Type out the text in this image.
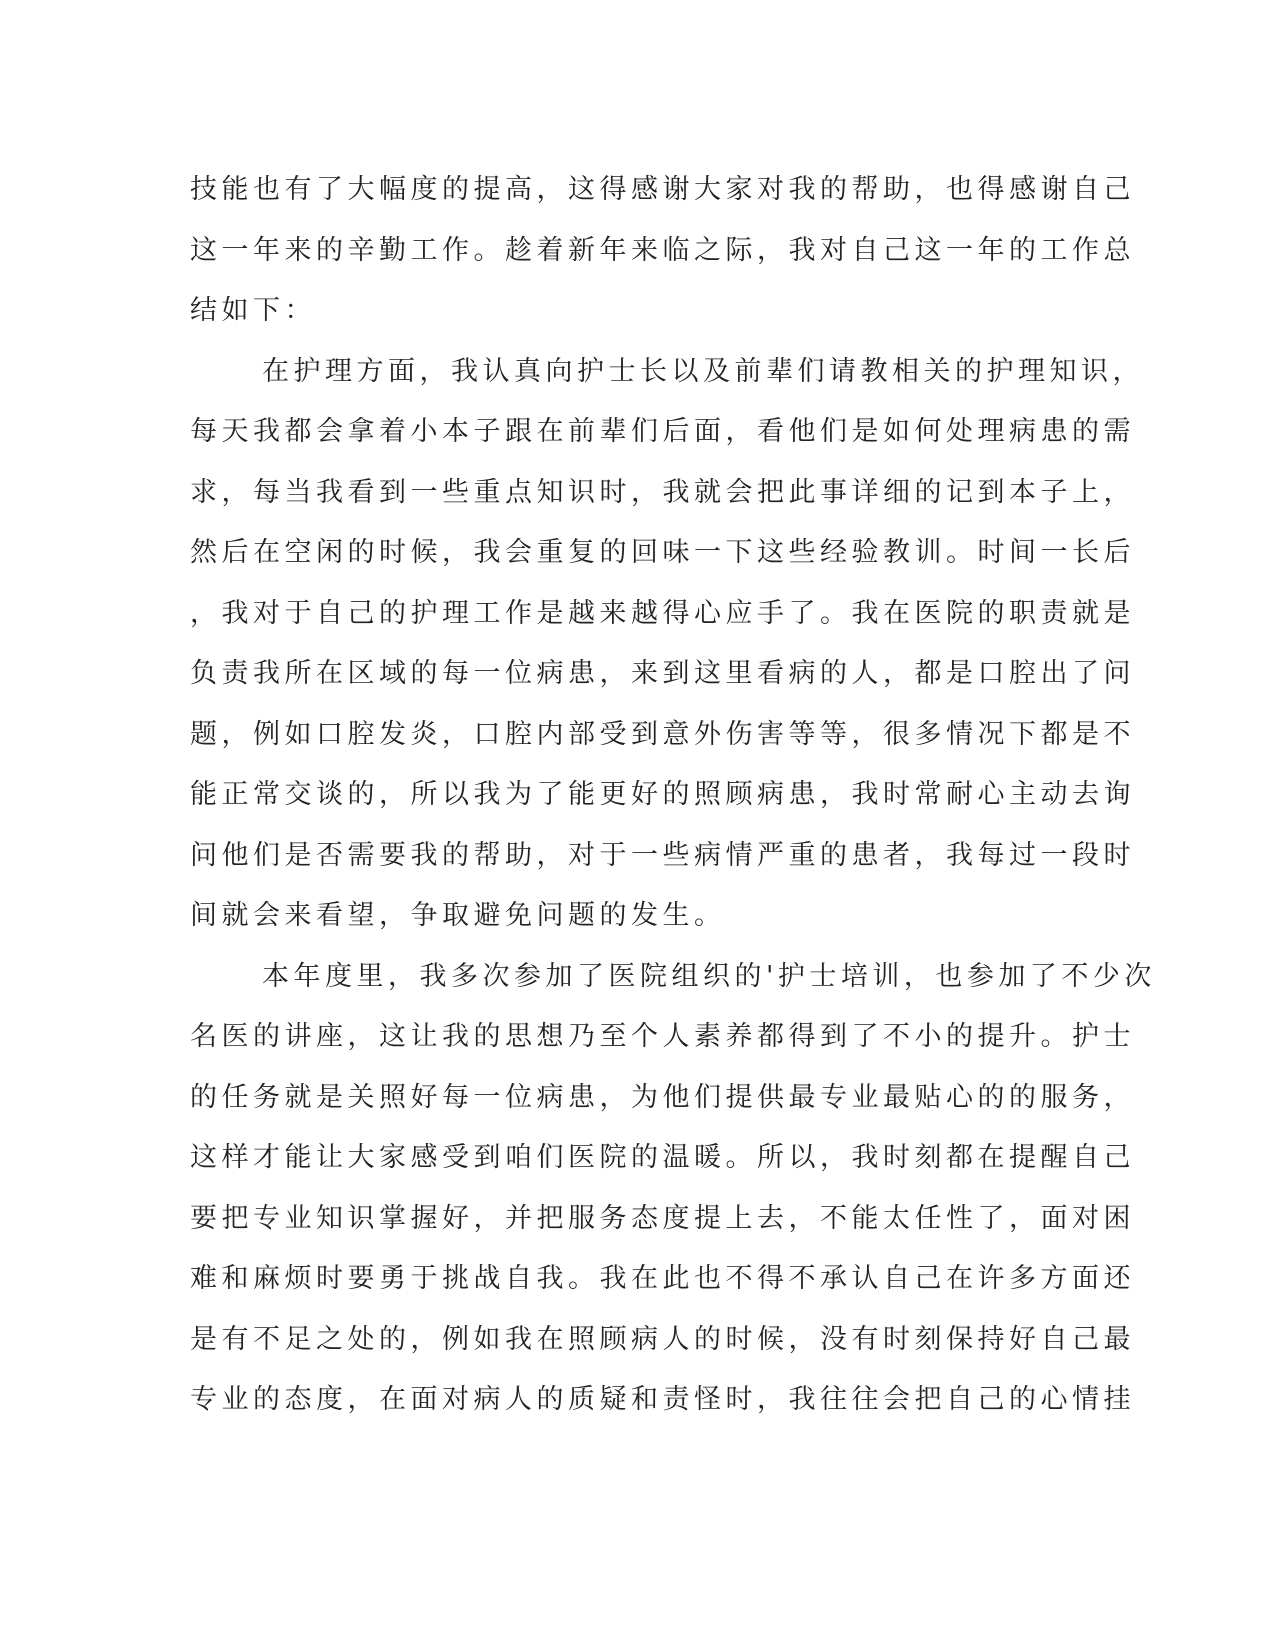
技能也有了大幅度的提高，这得感谢大家对我的帮助，也得感谢自己
这一年来的辛勤工作。趁着新年来临之际，我对自己这一年的工作总
结如下：
在护理方面，我认真向护士长以及前辈们请教相关的护理知识，
每天我都会拿着小本子跟在前辈们后面，看他们是如何处理病患的需
求，每当我看到一些重点知识时，我就会把此事详细的记到本子上，
然后在空闲的时候，我会重复的回味一下这些经验教训。时间一长后
，我对于自己的护理工作是越来越得心应手了。我在医院的职责就是
负责我所在区域的每一位病患，来到这里看病的人，都是口腔出了问
题，例如口腔发炎，口腔内部受到意外伤害等等，很多情况下都是不
能正常交谈的，所以我为了能更好的照顾病患，我时常耐心主动去询
问他们是否需要我的帮助，对于一些病情严重的患者，我每过一段时
间就会来看望，争取避免问题的发生。
本年度里，我多次参加了医院组织的'护士培训，也参加了不少次
名医的讲座，这让我的思想乃至个人素养都得到了不小的提升。护士
的任务就是关照好每一位病患，为他们提供最专业最贴心的的服务，
这样才能让大家感受到咱们医院的温暖。所以，我时刻都在提醒自己
要把专业知识掌握好，并把服务态度提上去，不能太任性了，面对困
难和麻烦时要勇于挑战自我。我在此也不得不承认自己在许多方面还
是有不足之处的，例如我在照顾病人的时候，没有时刻保持好自己最
专业的态度，在面对病人的质疑和责怪时，我往往会把自己的心情挂
